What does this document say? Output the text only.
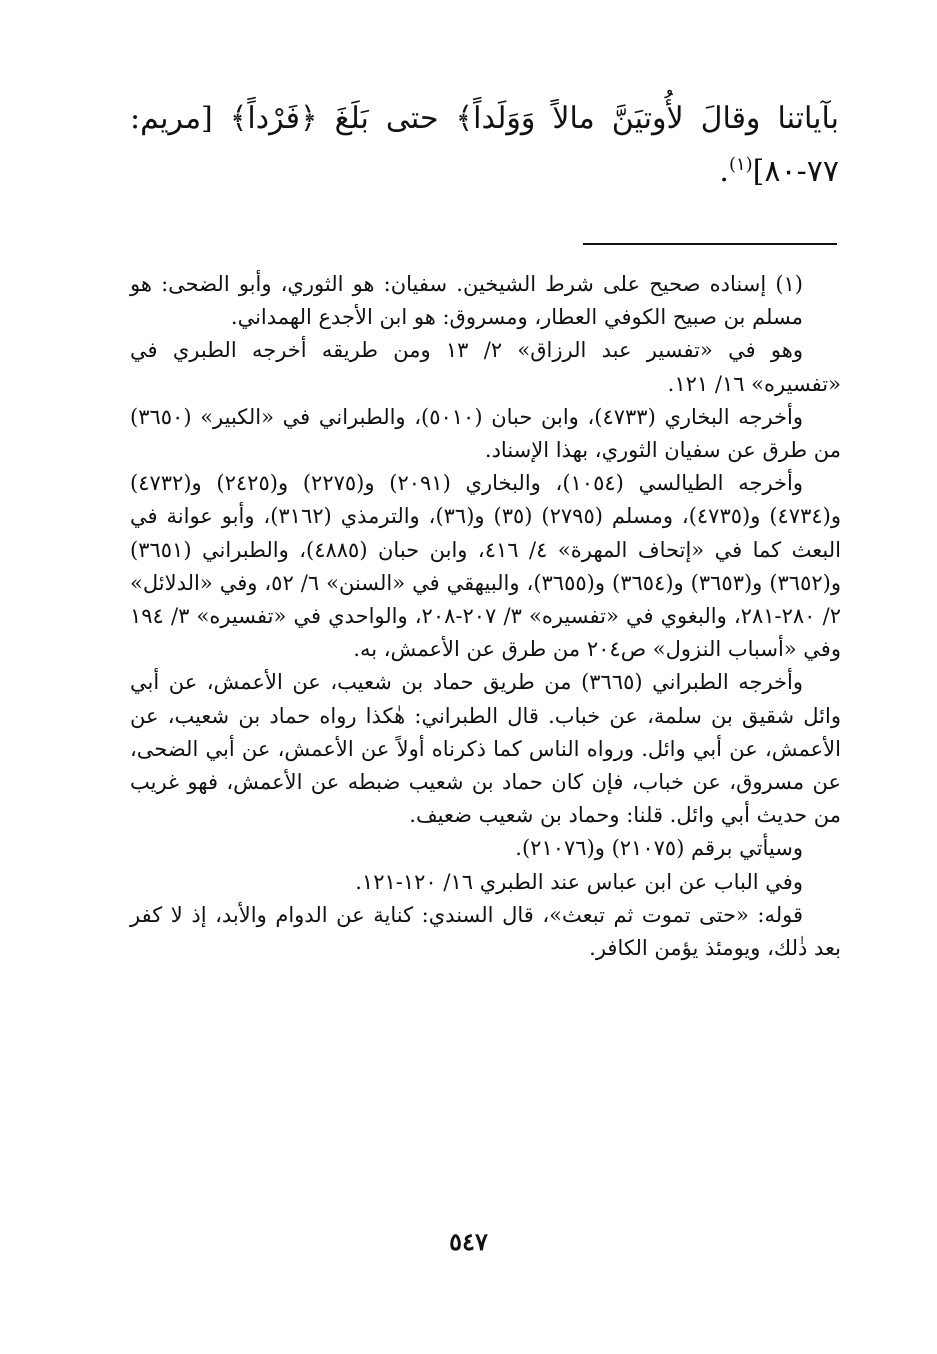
بآياتنا وقالَ لأُوتيَنَّ مالاً وَوَلَداً﴾ حتى بَلَغَ ﴿فَرْداً﴾ [مريم: ٧٧-٨٠]$^{(١)}$.

(١) إسناده صحيح على شرط الشيخين. سفيان: هو الثوري، وأبو الضحى: هو مسلم بن صبيح الكوفي العطار، ومسروق: هو ابن الأجدع الهمداني.

وهو في «تفسير عبد الرزاق» ٢/ ١٣ ومن طريقه أخرجه الطبري في «تفسيره» ١٦/ ١٢١.

وأخرجه البخاري (٤٧٣٣)، وابن حبان (٥٠١٠)، والطبراني في «الكبير» (٣٦٥٠) من طرق عن سفيان الثوري، بهذا الإسناد.

وأخرجه الطيالسي (١٠٥٤)، والبخاري (٢٠٩١) و(٢٢٧٥) و(٢٤٢٥) و(٤٧٣٢) و(٤٧٣٤) و(٤٧٣٥)، ومسلم (٢٧٩٥) (٣٥) و(٣٦)، والترمذي (٣١٦٢)، وأبو عوانة في البعث كما في «إتحاف المهرة» ٤/ ٤١٦، وابن حبان (٤٨٨٥)، والطبراني (٣٦٥١) و(٣٦٥٢) و(٣٦٥٣) و(٣٦٥٤) و(٣٦٥٥)، والبيهقي في «السنن» ٦/ ٥٢، وفي «الدلائل» ٢/ ٢٨٠-٢٨١، والبغوي في «تفسيره» ٣/ ٢٠٧-٢٠٨، والواحدي في «تفسيره» ٣/ ١٩٤ وفي «أسباب النزول» ص٢٠٤ من طرق عن الأعمش، به.

وأخرجه الطبراني (٣٦٦٥) من طريق حماد بن شعيب، عن الأعمش، عن أبي وائل شقيق بن سلمة، عن خباب. قال الطبراني: هٰكذا رواه حماد بن شعيب، عن الأعمش، عن أبي وائل. ورواه الناس كما ذكرناه أولاً عن الأعمش، عن أبي الضحى، عن مسروق، عن خباب، فإن كان حماد بن شعيب ضبطه عن الأعمش، فهو غريب من حديث أبي وائل. قلنا: وحماد بن شعيب ضعيف.

وسيأتي برقم (٢١٠٧٥) و(٢١٠٧٦).

وفي الباب عن ابن عباس عند الطبري ١٦/ ١٢٠-١٢١.

قوله: «حتى تموت ثم تبعث»، قال السندي: كناية عن الدوام والأبد، إذ لا كفر بعد ذٰلك، ويومئذ يؤمن الكافر.

٥٤٧
